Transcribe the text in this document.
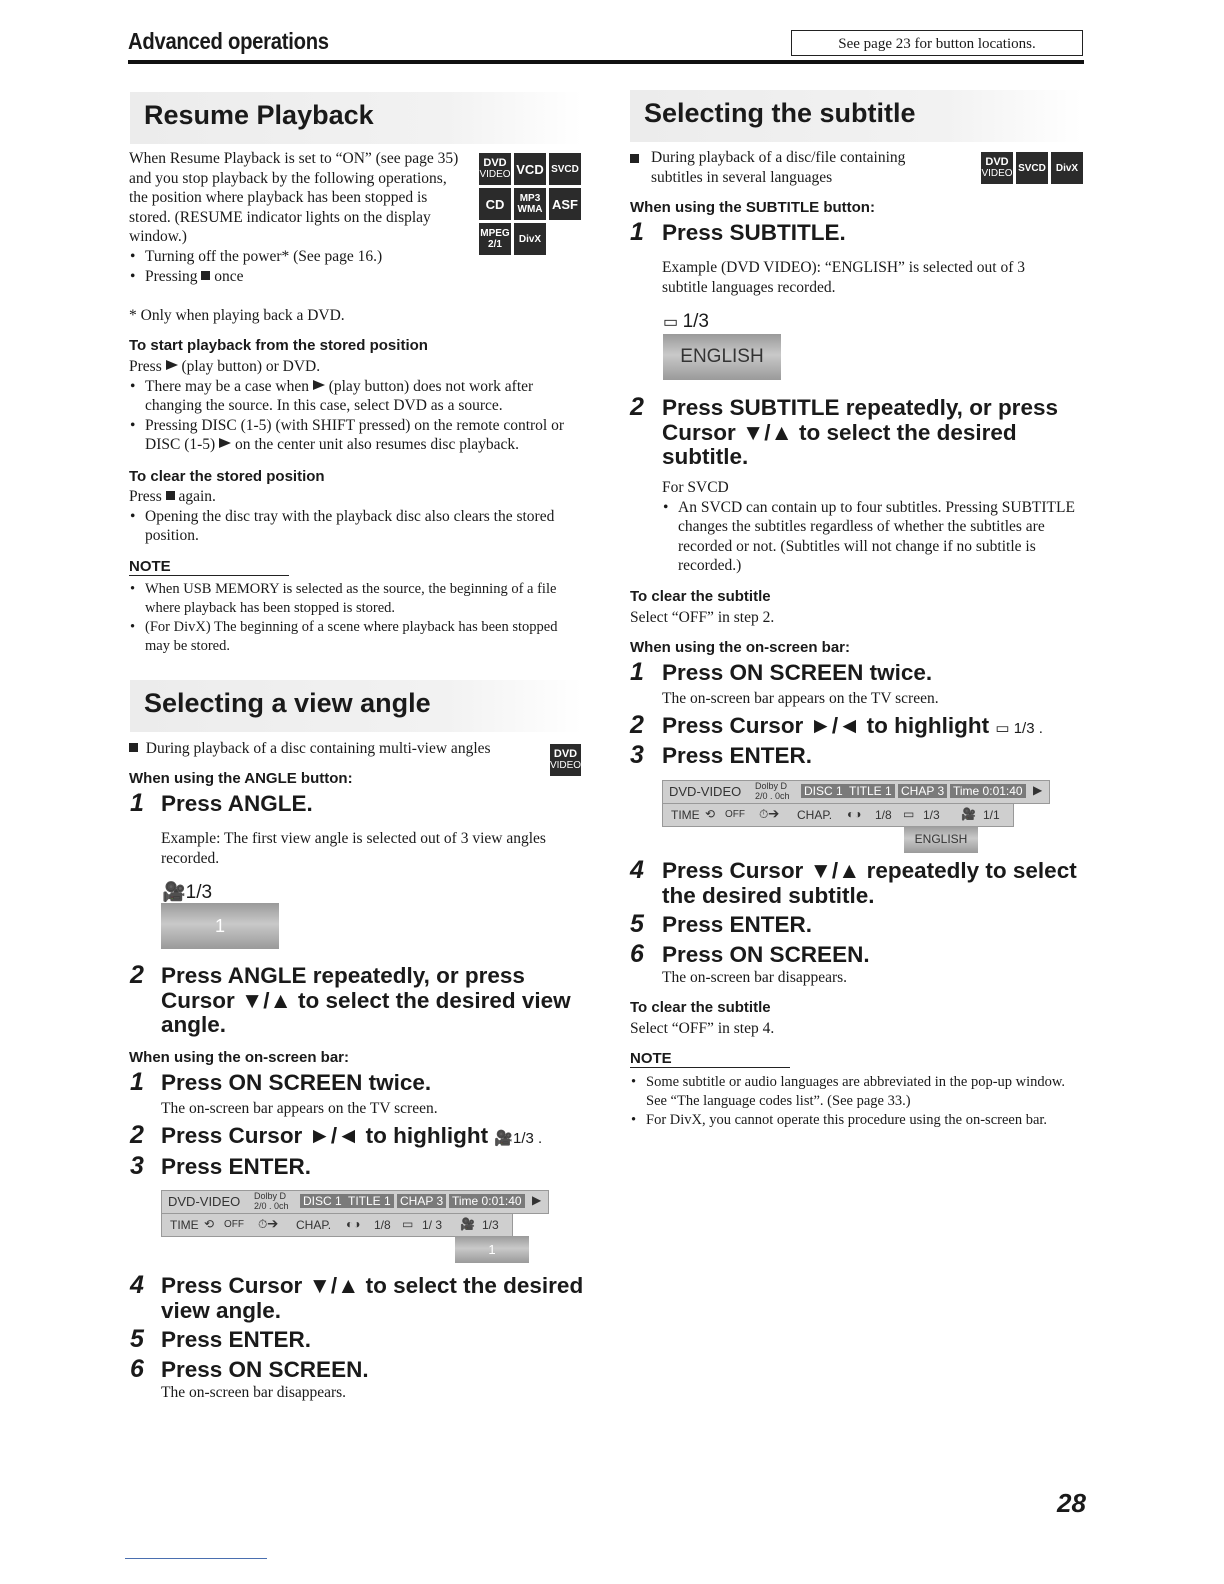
Advanced operations	See page 23 for button locations.
Resume Playback
When Resume Playback is set to “ON” (see page 35) and you stop playback by the following operations, the position where playback has been stopped is stored. (RESUME indicator lights on the display window.)
DVD
VIDEO VCD SVCD
CD	MP3
WMA ASF
MPEG
2/1	DivX
• Turning off the power* (See page 16.)
• Pressing once
* Only when playing back a DVD.
To start playback from the stored position
Press (play button) or DVD.
• There may be a case when (play button) does not work after changing the source. In this case, select DVD as a source.
• Pressing DISC (1-5) (with SHIFT pressed) on the remote control or DISC (1-5) on the center unit also resumes disc playback.
To clear the stored position
Press again.
• Opening the disc tray with the playback disc also clears the stored position.
NOTE
• When USB MEMORY is selected as the source, the beginning of a file where playback has been stopped is stored.
• (For DivX) The beginning of a scene where playback has been stopped may be stored.
Selecting a view angle
During playback of a disc containing multi-view angles	DVD
VIDEO
When using the ANGLE button:
1 Press ANGLE.
Example: The first view angle is selected out of 3 view angles recorded.
🎥1/3
1
2 Press ANGLE repeatedly, or press Cursor ▼/▲ to select the desired view angle.
When using the on-screen bar:
1 Press ON SCREEN twice.
The on-screen bar appears on the TV screen.
2 Press Cursor ►/◄ to highlight 🎥1/3 .
3 Press ENTER.
DVD-VIDEO Dolby D
2/0 . 0ch DISC 1 TITLE 1 CHAP 3 Time 0:01:40 ▶
TIME ⟲ OFF ⏱➔ CHAP. ◐◑ 1/8 ▭ 1/ 3 🎥 1/3
1
4 Press Cursor ▼/▲ to select the desired view angle.
5 Press ENTER.
6 Press ON SCREEN.
The on-screen bar disappears.
Selecting the subtitle
During playback of a disc/file containing subtitles in several languages
DVD
VIDEO SVCD DivX
When using the SUBTITLE button:
1 Press SUBTITLE.
Example (DVD VIDEO): “ENGLISH” is selected out of 3 subtitle languages recorded.
▭ 1/3
ENGLISH
2 Press SUBTITLE repeatedly, or press Cursor ▼/▲ to select the desired subtitle.
For SVCD
• An SVCD can contain up to four subtitles. Pressing SUBTITLE changes the subtitles regardless of whether the subtitles are recorded or not. (Subtitles will not change if no subtitle is recorded.)
To clear the subtitle
Select “OFF” in step 2.
When using the on-screen bar:
1 Press ON SCREEN twice.
The on-screen bar appears on the TV screen.
2 Press Cursor ►/◄ to highlight ▭ 1/3 .
3 Press ENTER.
DVD-VIDEO Dolby D
2/0 . 0ch DISC 1 TITLE 1 CHAP 3 Time 0:01:40 ▶
TIME ⟲ OFF ⏱➔ CHAP. ◐◑ 1/8 ▭ 1/3 🎥 1/1
ENGLISH
4 Press Cursor ▼/▲ repeatedly to select the desired subtitle.
5 Press ENTER.
6 Press ON SCREEN.
The on-screen bar disappears.
To clear the subtitle
Select “OFF” in step 4.
NOTE
• Some subtitle or audio languages are abbreviated in the pop-up window. See “The language codes list”. (See page 33.)
• For DivX, you cannot operate this procedure using the on-screen bar.
28
